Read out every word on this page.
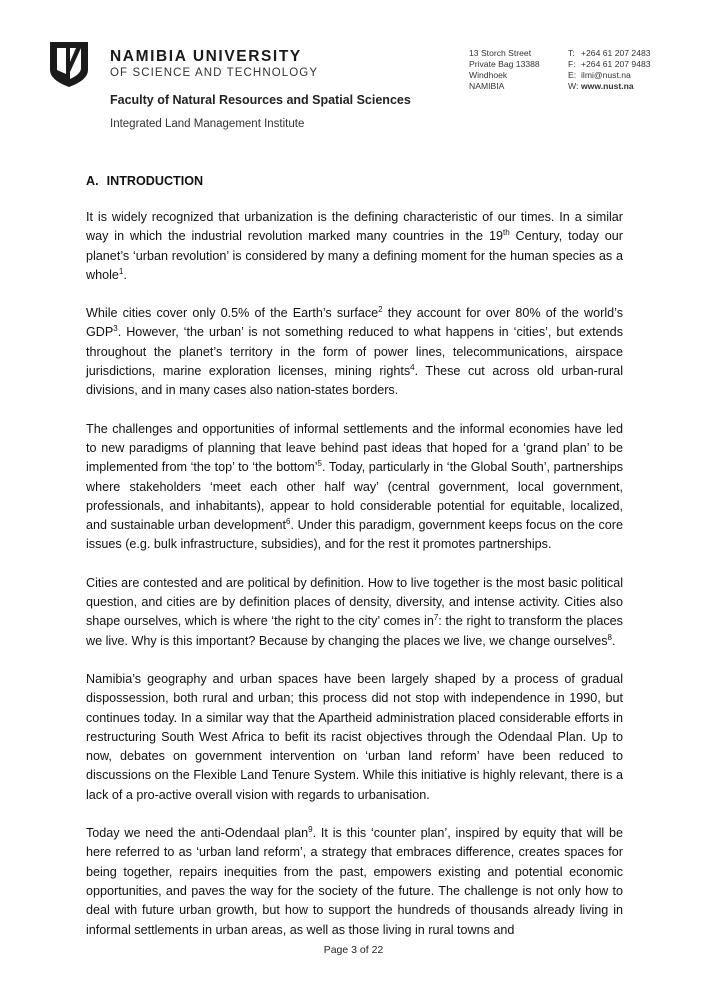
NAMIBIA UNIVERSITY
OF SCIENCE AND TECHNOLOGY
Faculty of Natural Resources and Spatial Sciences
Integrated Land Management Institute
13 Storch Street
Private Bag 13388
Windhoek
NAMIBIA
T: +264 61 207 2483
F: +264 61 207 9483
E: ilmi@nust.na
W: www.nust.na
A. INTRODUCTION

It is widely recognized that urbanization is the defining characteristic of our times. In a similar way in which the industrial revolution marked many countries in the 19th Century, today our planet’s ‘urban revolution’ is considered by many a defining moment for the human species as a whole$^1$.

While cities cover only 0.5% of the Earth’s surface$^2$ they account for over 80% of the world’s GDP$^3$. However, ‘the urban’ is not something reduced to what happens in ‘cities’, but extends throughout the planet’s territory in the form of power lines, telecommunications, airspace jurisdictions, marine exploration licenses, mining rights$^4$. These cut across old urban-rural divisions, and in many cases also nation-states borders.

The challenges and opportunities of informal settlements and the informal economies have led to new paradigms of planning that leave behind past ideas that hoped for a ‘grand plan’ to be implemented from ‘the top’ to ‘the bottom’$^5$. Today, particularly in ‘the Global South’, partnerships where stakeholders ‘meet each other half way’ (central government, local government, professionals, and inhabitants), appear to hold considerable potential for equitable, localized, and sustainable urban development$^6$. Under this paradigm, government keeps focus on the core issues (e.g. bulk infrastructure, subsidies), and for the rest it promotes partnerships.

Cities are contested and are political by definition. How to live together is the most basic political question, and cities are by definition places of density, diversity, and intense activity. Cities also shape ourselves, which is where ‘the right to the city’ comes $in^7$: the right to transform the places we live. Why is this important? Because by changing the places we live, we change ourselves$^8$.

Namibia’s geography and urban spaces have been largely shaped by a process of gradual dispossession, both rural and urban; this process did not stop with independence in 1990, but continues today. In a similar way that the Apartheid administration placed considerable efforts in restructuring South West Africa to befit its racist objectives through the Odendaal Plan. Up to now, debates on government intervention on ‘urban land reform’ have been reduced to discussions on the Flexible Land Tenure System. While this initiative is highly relevant, there is a lack of a pro-active overall vision with regards to urbanisation.

Today we need the anti-Odendaal plan$^9$. It is this ‘counter plan’, inspired by equity that will be here referred to as ‘urban land reform’, a strategy that embraces difference, creates spaces for being together, repairs inequities from the past, empowers existing and potential economic opportunities, and paves the way for the society of the future. The challenge is not only how to deal with future urban growth, but how to support the hundreds of thousands already living in informal settlements in urban areas, as well as those living in rural towns and

Page 3 of 22
